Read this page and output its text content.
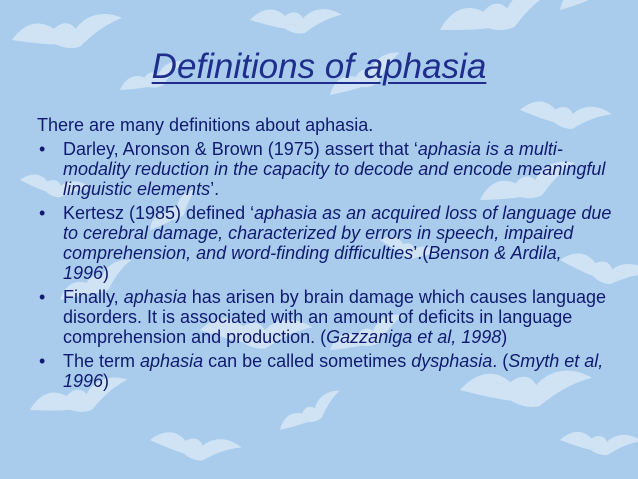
Definitions of aphasia

There are many definitions about aphasia.

• Darley, Aronson & Brown (1975) assert that ‘aphasia is a multi-modality reduction in the capacity to decode and encode meaningful linguistic elements’.
• Kertesz (1985) defined ‘aphasia as an acquired loss of language due to cerebral damage, characterized by errors in speech, impaired comprehension, and word-finding difficulties’.(Benson & Ardila, 1996)
• Finally, aphasia has arisen by brain damage which causes language disorders. It is associated with an amount of deficits in language comprehension and production. (Gazzaniga et al, 1998)
• The term aphasia can be called sometimes dysphasia. (Smyth et al, 1996)
